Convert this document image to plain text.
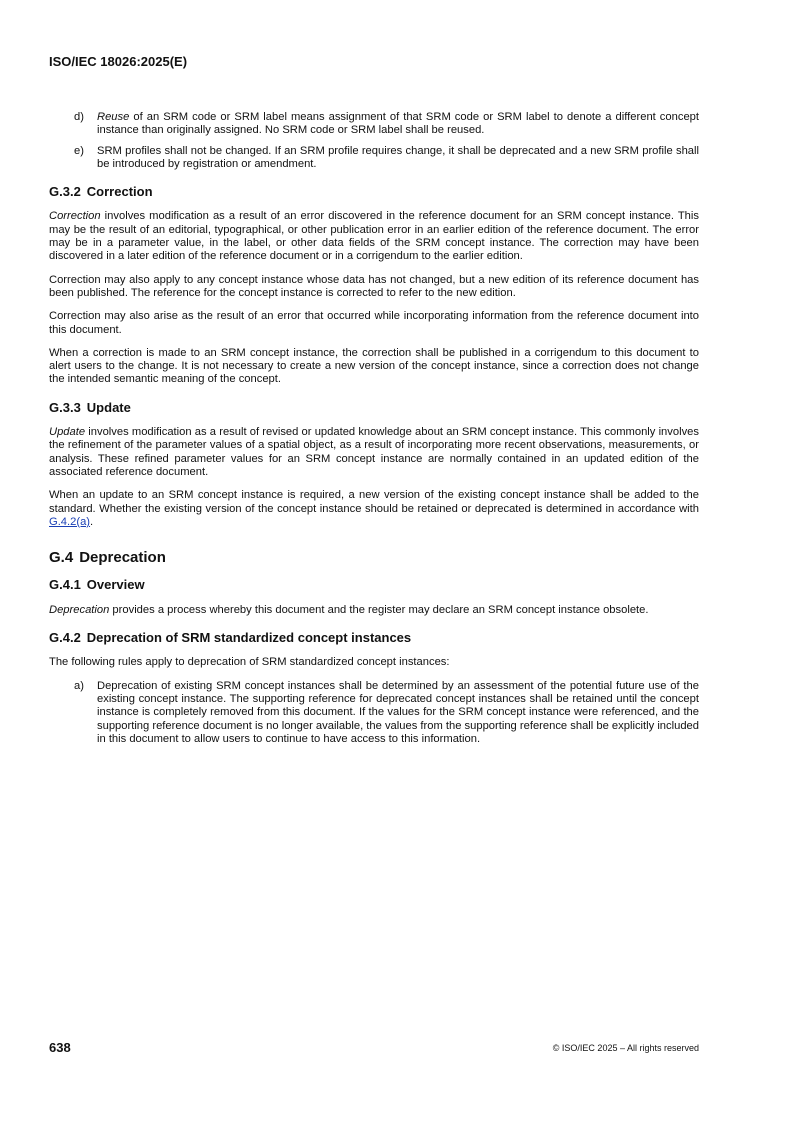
ISO/IEC 18026:2025(E)
d)	Reuse of an SRM code or SRM label means assignment of that SRM code or SRM label to denote a different concept instance than originally assigned. No SRM code or SRM label shall be reused.
e)	SRM profiles shall not be changed. If an SRM profile requires change, it shall be deprecated and a new SRM profile shall be introduced by registration or amendment.
G.3.2 Correction

Correction involves modification as a result of an error discovered in the reference document for an SRM concept instance. This may be the result of an editorial, typographical, or other publication error in an earlier edition of the reference document. The error may be in a parameter value, in the label, or other data fields of the SRM concept instance. The correction may have been discovered in a later edition of the reference document or in a corrigendum to the earlier edition.

Correction may also apply to any concept instance whose data has not changed, but a new edition of its reference document has been published. The reference for the concept instance is corrected to refer to the new edition.

Correction may also arise as the result of an error that occurred while incorporating information from the reference document into this document.

When a correction is made to an SRM concept instance, the correction shall be published in a corrigendum to this document to alert users to the change. It is not necessary to create a new version of the concept instance, since a correction does not change the intended semantic meaning of the concept.

G.3.3 Update

Update involves modification as a result of revised or updated knowledge about an SRM concept instance. This commonly involves the refinement of the parameter values of a spatial object, as a result of incorporating more recent observations, measurements, or analysis. These refined parameter values for an SRM concept instance are normally contained in an updated edition of the associated reference document.

When an update to an SRM concept instance is required, a new version of the existing concept instance shall be added to the standard. Whether the existing version of the concept instance should be retained or deprecated is determined in accordance with G.4.2(a).

G.4 Deprecation
G.4.1 Overview

Deprecation provides a process whereby this document and the register may declare an SRM concept instance obsolete.

G.4.2 Deprecation of SRM standardized concept instances

The following rules apply to deprecation of SRM standardized concept instances:

a)	Deprecation of existing SRM concept instances shall be determined by an assessment of the potential future use of the existing concept instance. The supporting reference for deprecated concept instances shall be retained until the concept instance is completely removed from this document. If the values for the SRM concept instance were referenced, and the supporting reference document is no longer available, the values from the supporting reference shall be explicitly included in this document to allow users to continue to have access to this information.
638	© ISO/IEC 2025 – All rights reserved
